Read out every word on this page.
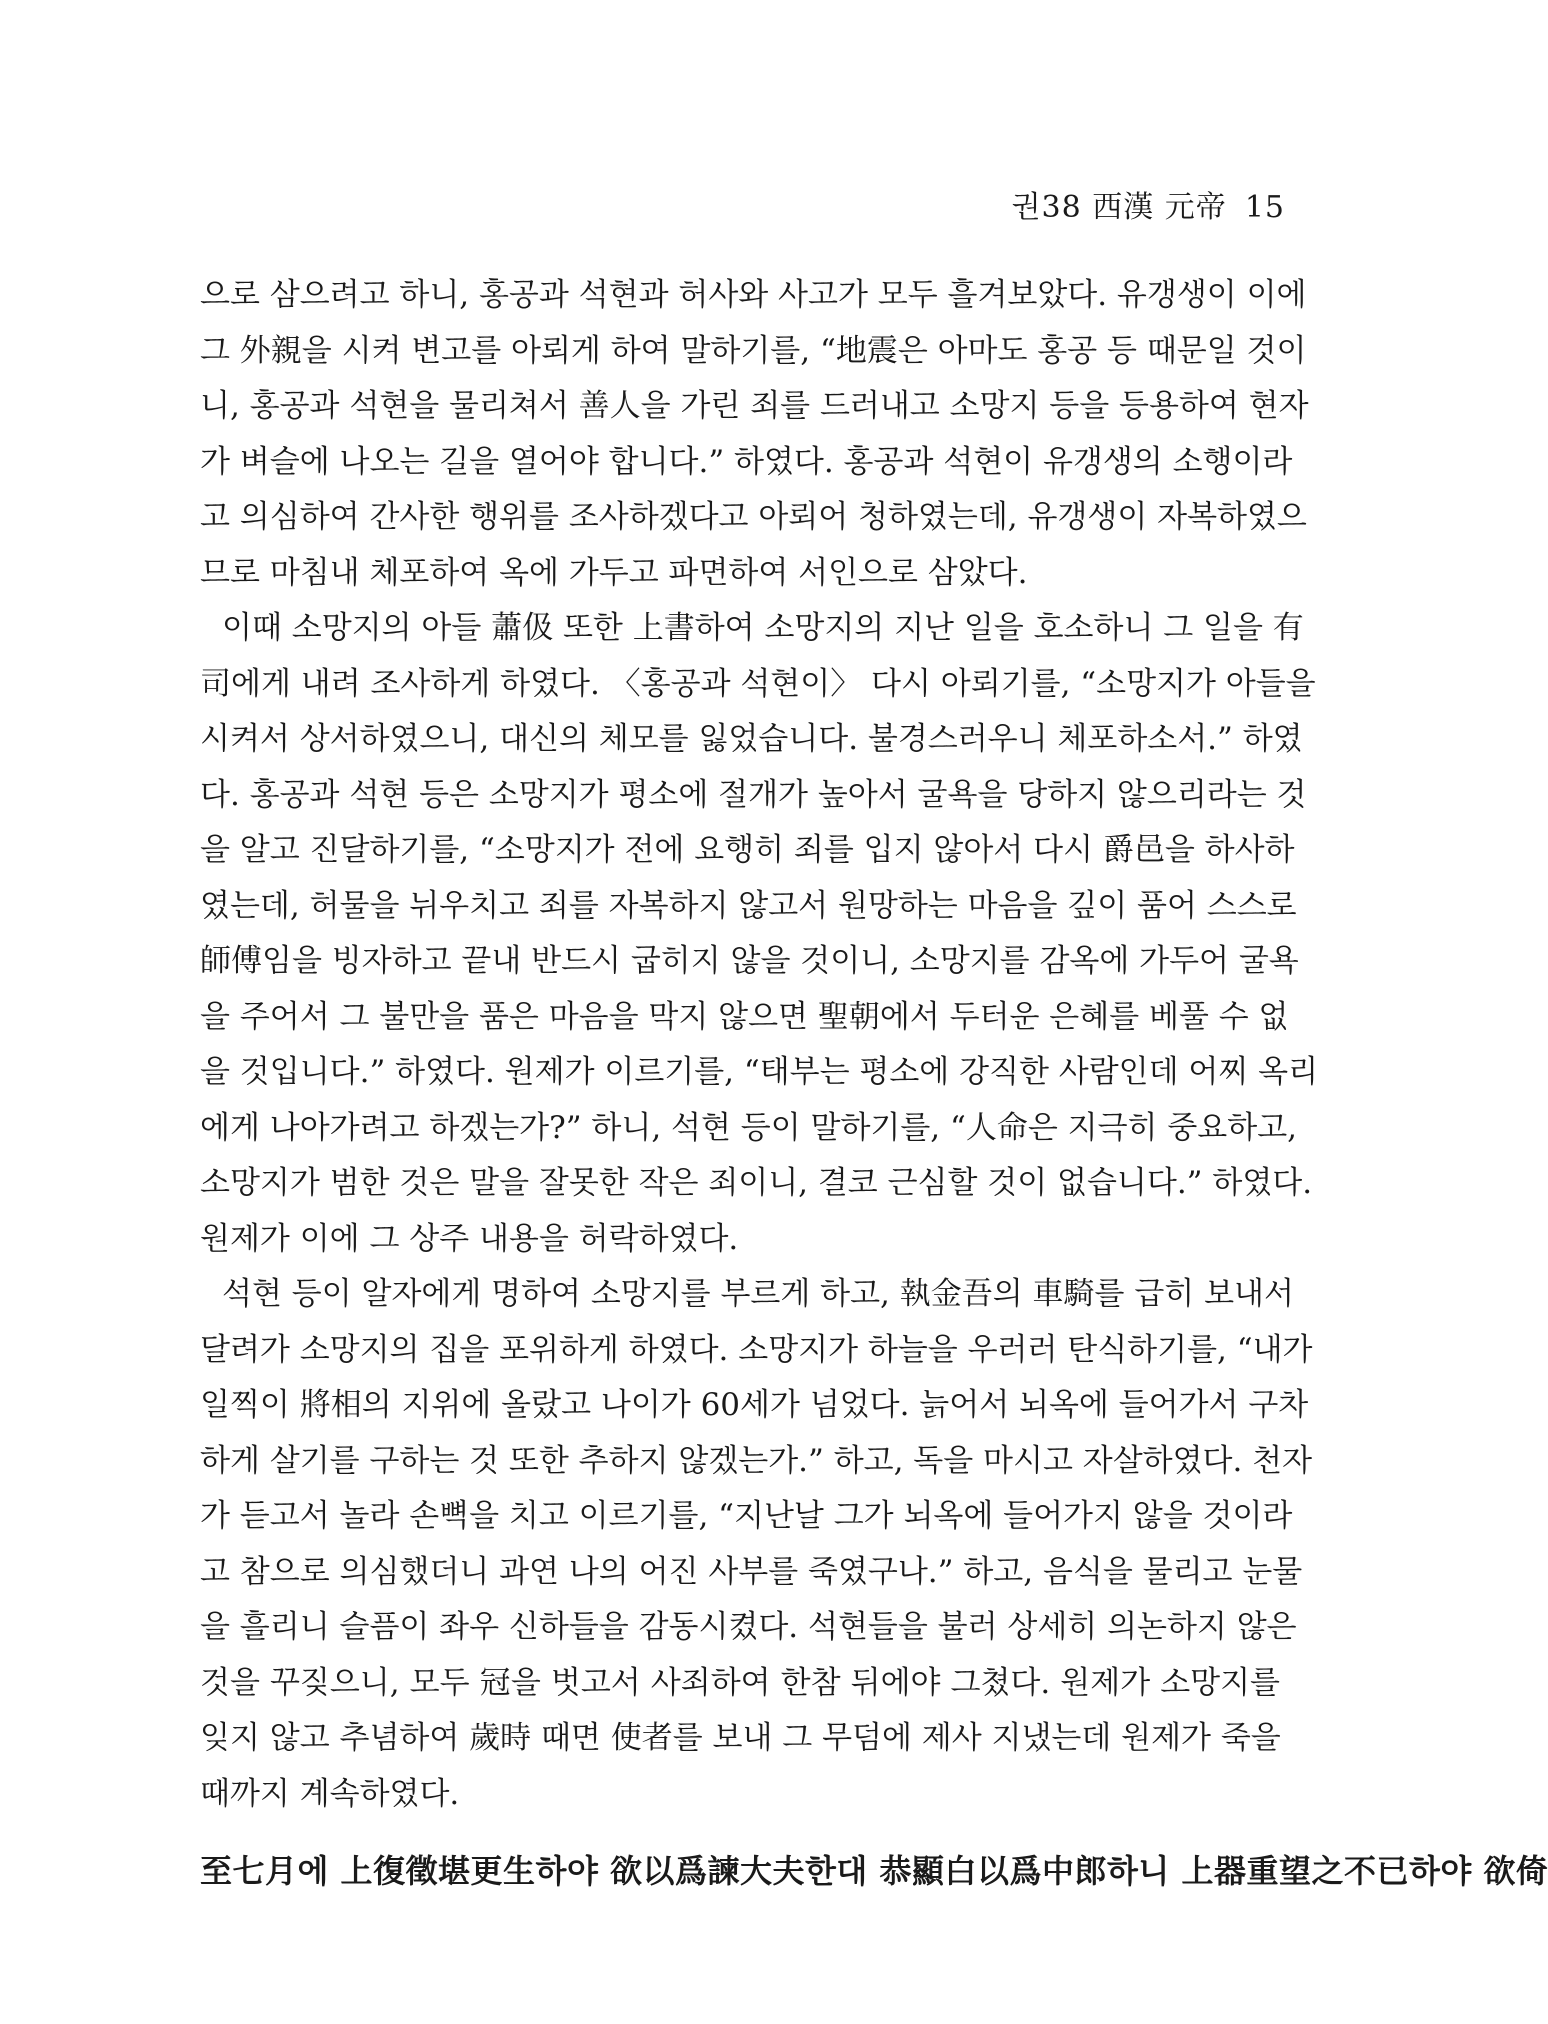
권38 西漢 元帝 15
으로 삼으려고 하니, 홍공과 석현과 허사와 사고가 모두 흘겨보았다. 유갱생이 이에
그 外親을 시켜 변고를 아뢰게 하여 말하기를, “地震은 아마도 홍공 등 때문일 것이
니, 홍공과 석현을 물리쳐서 善人을 가린 죄를 드러내고 소망지 등을 등용하여 현자
가 벼슬에 나오는 길을 열어야 합니다.” 하였다. 홍공과 석현이 유갱생의 소행이라
고 의심하여 간사한 행위를 조사하겠다고 아뢰어 청하였는데, 유갱생이 자복하였으
므로 마침내 체포하여 옥에 가두고 파면하여 서인으로 삼았다.
이때 소망지의 아들 蕭伋 또한 上書하여 소망지의 지난 일을 호소하니 그 일을 有
司에게 내려 조사하게 하였다. 〈홍공과 석현이〉 다시 아뢰기를, “소망지가 아들을
시켜서 상서하였으니, 대신의 체모를 잃었습니다. 불경스러우니 체포하소서.” 하였
다. 홍공과 석현 등은 소망지가 평소에 절개가 높아서 굴욕을 당하지 않으리라는 것
을 알고 진달하기를, “소망지가 전에 요행히 죄를 입지 않아서 다시 爵邑을 하사하
였는데, 허물을 뉘우치고 죄를 자복하지 않고서 원망하는 마음을 깊이 품어 스스로
師傅임을 빙자하고 끝내 반드시 굽히지 않을 것이니, 소망지를 감옥에 가두어 굴욕
을 주어서 그 불만을 품은 마음을 막지 않으면 聖朝에서 두터운 은혜를 베풀 수 없
을 것입니다.” 하였다. 원제가 이르기를, “태부는 평소에 강직한 사람인데 어찌 옥리
에게 나아가려고 하겠는가?” 하니, 석현 등이 말하기를, “人命은 지극히 중요하고,
소망지가 범한 것은 말을 잘못한 작은 죄이니, 결코 근심할 것이 없습니다.” 하였다.
원제가 이에 그 상주 내용을 허락하였다.
석현 등이 알자에게 명하여 소망지를 부르게 하고, 執金吾의 車騎를 급히 보내서
달려가 소망지의 집을 포위하게 하였다. 소망지가 하늘을 우러러 탄식하기를, “내가
일찍이 將相의 지위에 올랐고 나이가 60세가 넘었다. 늙어서 뇌옥에 들어가서 구차
하게 살기를 구하는 것 또한 추하지 않겠는가.” 하고, 독을 마시고 자살하였다. 천자
가 듣고서 놀라 손뼉을 치고 이르기를, “지난날 그가 뇌옥에 들어가지 않을 것이라
고 참으로 의심했더니 과연 나의 어진 사부를 죽였구나.” 하고, 음식을 물리고 눈물
을 흘리니 슬픔이 좌우 신하들을 감동시켰다. 석현들을 불러 상세히 의논하지 않은
것을 꾸짖으니, 모두 冠을 벗고서 사죄하여 한참 뒤에야 그쳤다. 원제가 소망지를
잊지 않고 추념하여 歲時 때면 使者를 보내 그 무덤에 제사 지냈는데 원제가 죽을
때까지 계속하였다.
至七月에 上復徵堪更生하야 欲以爲諫大夫한대 恭顯白以爲中郎하니 上器重望之不已하야 欲倚
